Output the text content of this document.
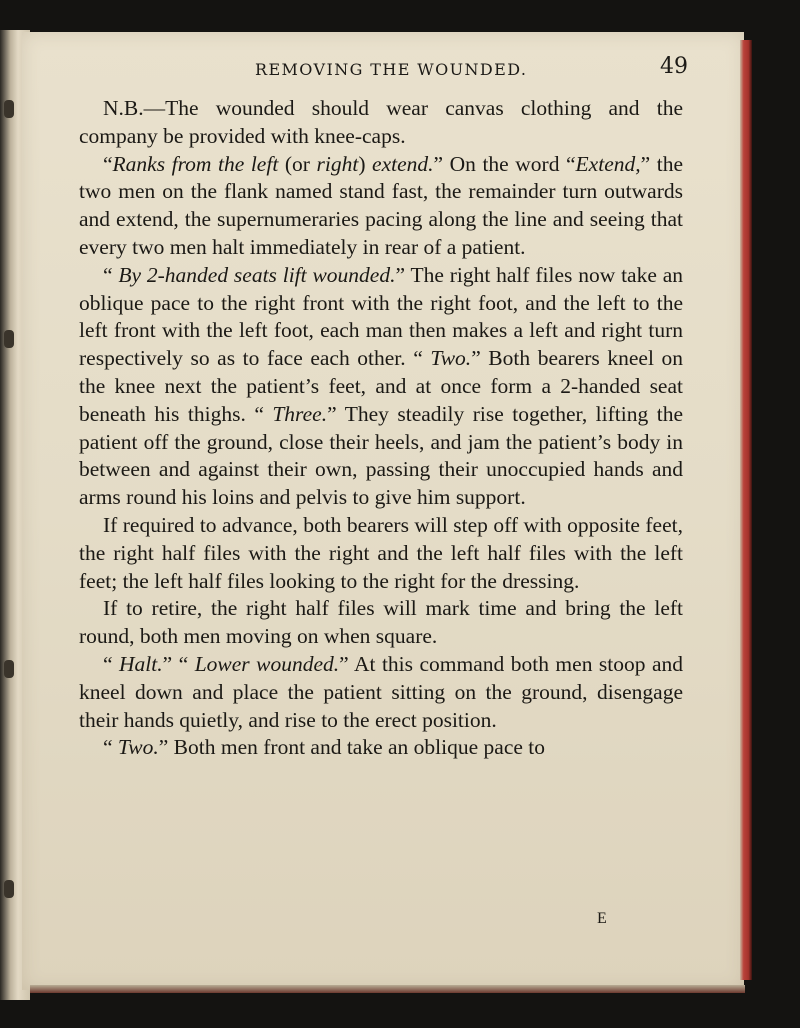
REMOVING THE WOUNDED.	49

N.B.—The wounded should wear canvas clothing and the company be provided with knee-caps.

“Ranks from the left (or right) extend.” On the word “Extend,” the two men on the flank named stand fast, the remainder turn outwards and extend, the supernumeraries pacing along the line and seeing that every two men halt immediately in rear of a patient.

“ By 2-handed seats lift wounded.” The right half files now take an oblique pace to the right front with the right foot, and the left to the left front with the left foot, each man then makes a left and right turn respectively so as to face each other. “ Two.” Both bearers kneel on the knee next the patient’s feet, and at once form a 2-handed seat beneath his thighs. “ Three.” They steadily rise together, lifting the patient off the ground, close their heels, and jam the patient’s body in between and against their own, passing their unoccupied hands and arms round his loins and pelvis to give him support.

If required to advance, both bearers will step off with opposite feet, the right half files with the right and the left half files with the left feet; the left half files looking to the right for the dressing.

If to retire, the right half files will mark time and bring the left round, both men moving on when square.

“ Halt.” “ Lower wounded.” At this command both men stoop and kneel down and place the patient sitting on the ground, disengage their hands quietly, and rise to the erect position.

“ Two.” Both men front and take an oblique pace to

E
